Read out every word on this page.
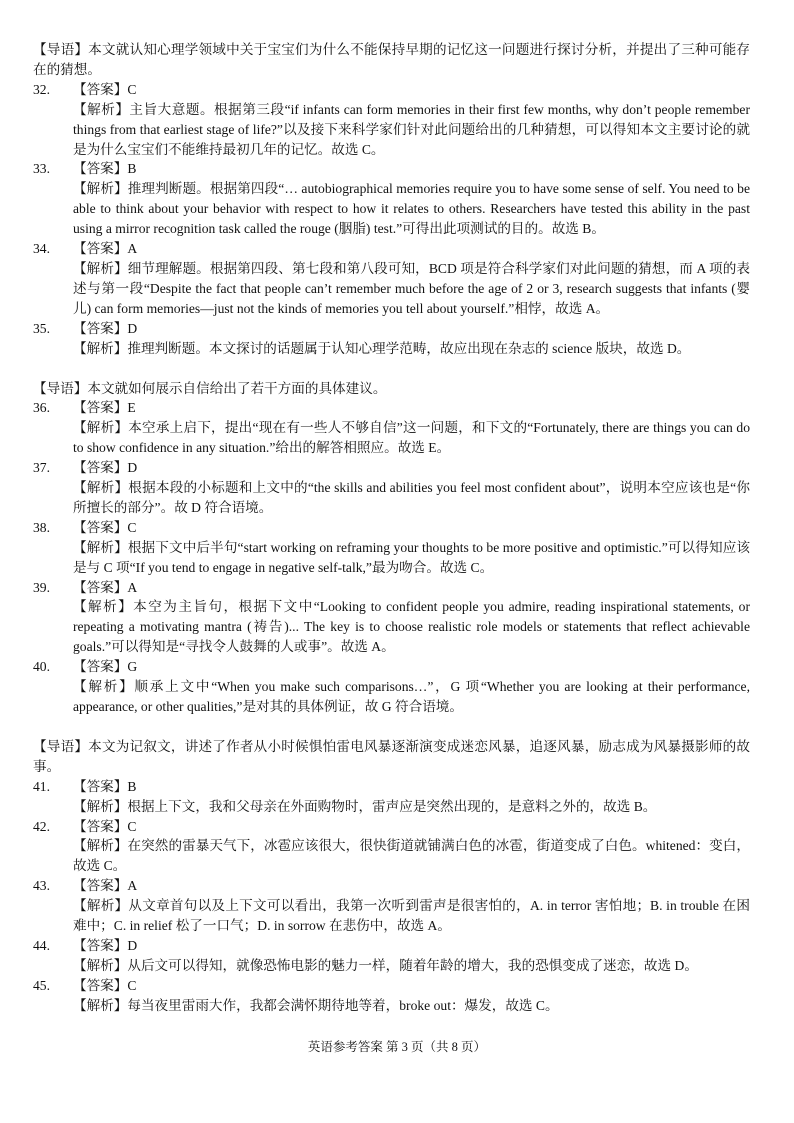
【导语】本文就认知心理学领域中关于宝宝们为什么不能保持早期的记忆这一问题进行探讨分析，并提出了三种可能存在的猜想。
32.	【答案】C
【解析】主旨大意题。根据第三段“if infants can form memories in their first few months, why don’t people remember things from that earliest stage of life?”以及接下来科学家们针对此问题给出的几种猜想，可以得知本文主要讨论的就是为什么宝宝们不能维持最初几年的记忆。故选 C。
33.	【答案】B
【解析】推理判断题。根据第四段“… autobiographical memories require you to have some sense of self. You need to be able to think about your behavior with respect to how it relates to others. Researchers have tested this ability in the past using a mirror recognition task called the rouge (胭脂) test.”可得出此项测试的目的。故选 B。
34.	【答案】A
【解析】细节理解题。根据第四段、第七段和第八段可知，BCD 项是符合科学家们对此问题的猜想，而 A 项的表述与第一段“Despite the fact that people can’t remember much before the age of 2 or 3, research suggests that infants (婴儿) can form memories—just not the kinds of memories you tell about yourself.”相悖，故选 A。
35.	【答案】D
【解析】推理判断题。本文探讨的话题属于认知心理学范畴，故应出现在杂志的 science 版块，故选 D。
【导语】本文就如何展示自信给出了若干方面的具体建议。
36.	【答案】E
【解析】本空承上启下，提出“现在有一些人不够自信”这一问题，和下文的“Fortunately, there are things you can do to show confidence in any situation.”给出的解答相照应。故选 E。
37.	【答案】D
【解析】根据本段的小标题和上文中的“the skills and abilities you feel most confident about”，说明本空应该也是“你所擅长的部分”。故 D 符合语境。
38.	【答案】C
【解析】根据下文中后半句“start working on reframing your thoughts to be more positive and optimistic.”可以得知应该是与 C 项“If you tend to engage in negative self-talk,”最为吻合。故选 C。
39.	【答案】A
【解析】本空为主旨句，根据下文中“Looking to confident people you admire, reading inspirational statements, or repeating a motivating mantra (祷告)... The key is to choose realistic role models or statements that reflect achievable goals.”可以得知是“寻找令人鼓舞的人或事”。故选 A。
40.	【答案】G
【解析】顺承上文中“When you make such comparisons…”，G 项“Whether you are looking at their performance, appearance, or other qualities,”是对其的具体例证，故 G 符合语境。
【导语】本文为记叙文，讲述了作者从小时候惧怕雷电风暴逐渐演变成迷恋风暴，追逐风暴，励志成为风暴摄影师的故事。
41.	【答案】B
【解析】根据上下文，我和父母亲在外面购物时，雷声应是突然出现的，是意料之外的，故选 B。
42.	【答案】C
【解析】在突然的雷暴天气下，冰雹应该很大，很快街道就铺满白色的冰雹，街道变成了白色。whitened：变白，故选 C。
43.	【答案】A
【解析】从文章首句以及上下文可以看出，我第一次听到雷声是很害怕的，A. in terror 害怕地；B. in trouble 在困难中；C. in relief 松了一口气；D. in sorrow 在悲伤中，故选 A。
44.	【答案】D
【解析】从后文可以得知，就像恐怖电影的魅力一样，随着年龄的增大，我的恐惧变成了迷恋，故选 D。
45.	【答案】C
【解析】每当夜里雷雨大作，我都会满怀期待地等着，broke out：爆发，故选 C。
英语参考答案 第 3 页（共 8 页）
